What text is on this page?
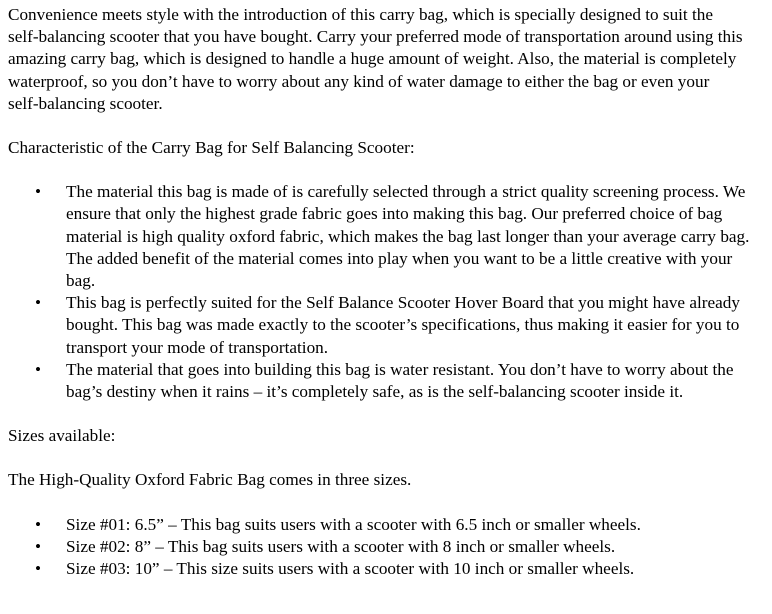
Convenience meets style with the introduction of this carry bag, which is specially designed to suit the self-balancing scooter that you have bought. Carry your preferred mode of transportation around using this amazing carry bag, which is designed to handle a huge amount of weight. Also, the material is completely waterproof, so you don’t have to worry about any kind of water damage to either the bag or even your self-balancing scooter.

Characteristic of the Carry Bag for Self Balancing Scooter:

• The material this bag is made of is carefully selected through a strict quality screening process. We ensure that only the highest grade fabric goes into making this bag. Our preferred choice of bag material is high quality oxford fabric, which makes the bag last longer than your average carry bag. The added benefit of the material comes into play when you want to be a little creative with your bag.
• This bag is perfectly suited for the Self Balance Scooter Hover Board that you might have already bought. This bag was made exactly to the scooter’s specifications, thus making it easier for you to transport your mode of transportation.
• The material that goes into building this bag is water resistant. You don’t have to worry about the bag’s destiny when it rains – it’s completely safe, as is the self-balancing scooter inside it.

Sizes available:

The High-Quality Oxford Fabric Bag comes in three sizes.

• Size #01: 6.5” – This bag suits users with a scooter with 6.5 inch or smaller wheels.
• Size #02: 8” – This bag suits users with a scooter with 8 inch or smaller wheels.
• Size #03: 10” – This size suits users with a scooter with 10 inch or smaller wheels.
